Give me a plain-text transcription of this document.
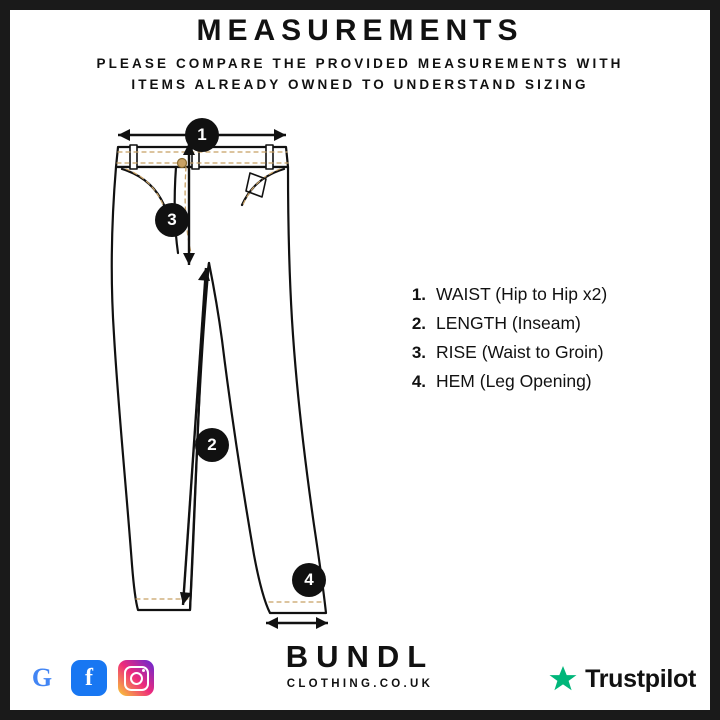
MEASUREMENTS
PLEASE COMPARE THE PROVIDED MEASUREMENTS WITH
ITEMS ALREADY OWNED TO UNDERSTAND SIZING
1
3
2
4
1. WAIST (Hip to Hip x2)
2. LENGTH (Inseam)
3. RISE (Waist to Groin)
4. HEM (Leg Opening)
G f
BUNDL
CLOTHING.CO.UK	Trustpilot
